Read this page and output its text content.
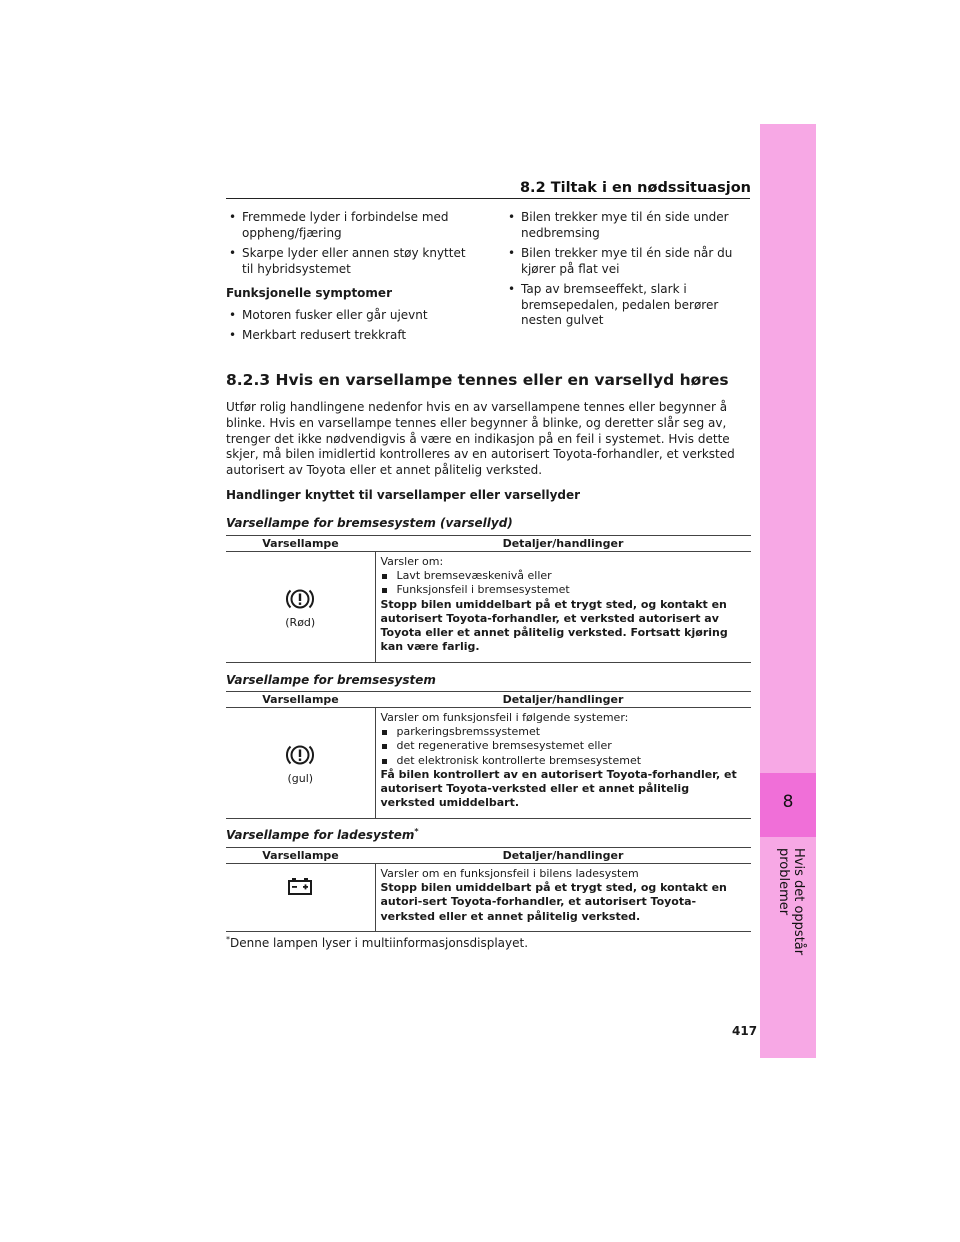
8
Hvis det oppstår problemer
8.2 Tiltak i en nødssituasjon
• Fremmede lyder i forbindelse med oppheng/fjæring
• Skarpe lyder eller annen støy knyttet til hybridsystemet
Funksjonelle symptomer
• Motoren fusker eller går ujevnt
• Merkbart redusert trekkraft
• Bilen trekker mye til én side under nedbremsing
• Bilen trekker mye til én side når du kjører på flat vei
• Tap av bremseeffekt, slark i bremsepedalen, pedalen berører nesten gulvet
8.2.3 Hvis en varsellampe tennes eller en varsellyd høres
Utfør rolig handlingene nedenfor hvis en av varsellampene tennes eller begynner å blinke. Hvis en varsellampe tennes eller begynner å blinke, og deretter slår seg av, trenger det ikke nødvendigvis å være en indikasjon på en feil i systemet. Hvis dette skjer, må bilen imidlertid kontrolleres av en autorisert Toyota-forhandler, et verksted autorisert av Toyota eller et annet pålitelig verksted.
Handlinger knyttet til varsellamper eller varsellyder
Varsellampe for bremsesystem (varsellyd)
Varsellampe	Detaljer/handlinger

(Rød)	Varsler om:
Lavt bremsevæskenivå eller
Funksjonsfeil i bremsesystemet
Stopp bilen umiddelbart på et trygt sted, og kontakt en autorisert Toyota-forhandler, et verksted autorisert av Toyota eller et annet pålitelig verksted. Fortsatt kjøring kan være farlig.
Varsellampe for bremsesystem
Varsellampe	Detaljer/handlinger

(gul)	Varsler om funksjonsfeil i følgende systemer:
parkeringsbremssystemet
det regenerative bremsesystemet eller
det elektronisk kontrollerte bremsesystemet
Få bilen kontrollert av en autorisert Toyota-forhandler, et autorisert Toyota-verksted eller et annet pålitelig verksted umiddelbart.
Varsellampe for ladesystem*
Varsellampe	Detaljer/handlinger

Varsler om en funksjonsfeil i bilens ladesystem
Stopp bilen umiddelbart på et trygt sted, og kontakt en autori-sert Toyota-forhandler, et autorisert Toyota-verksted eller et annet pålitelig verksted.
*Denne lampen lyser i multiinformasjonsdisplayet.
417
